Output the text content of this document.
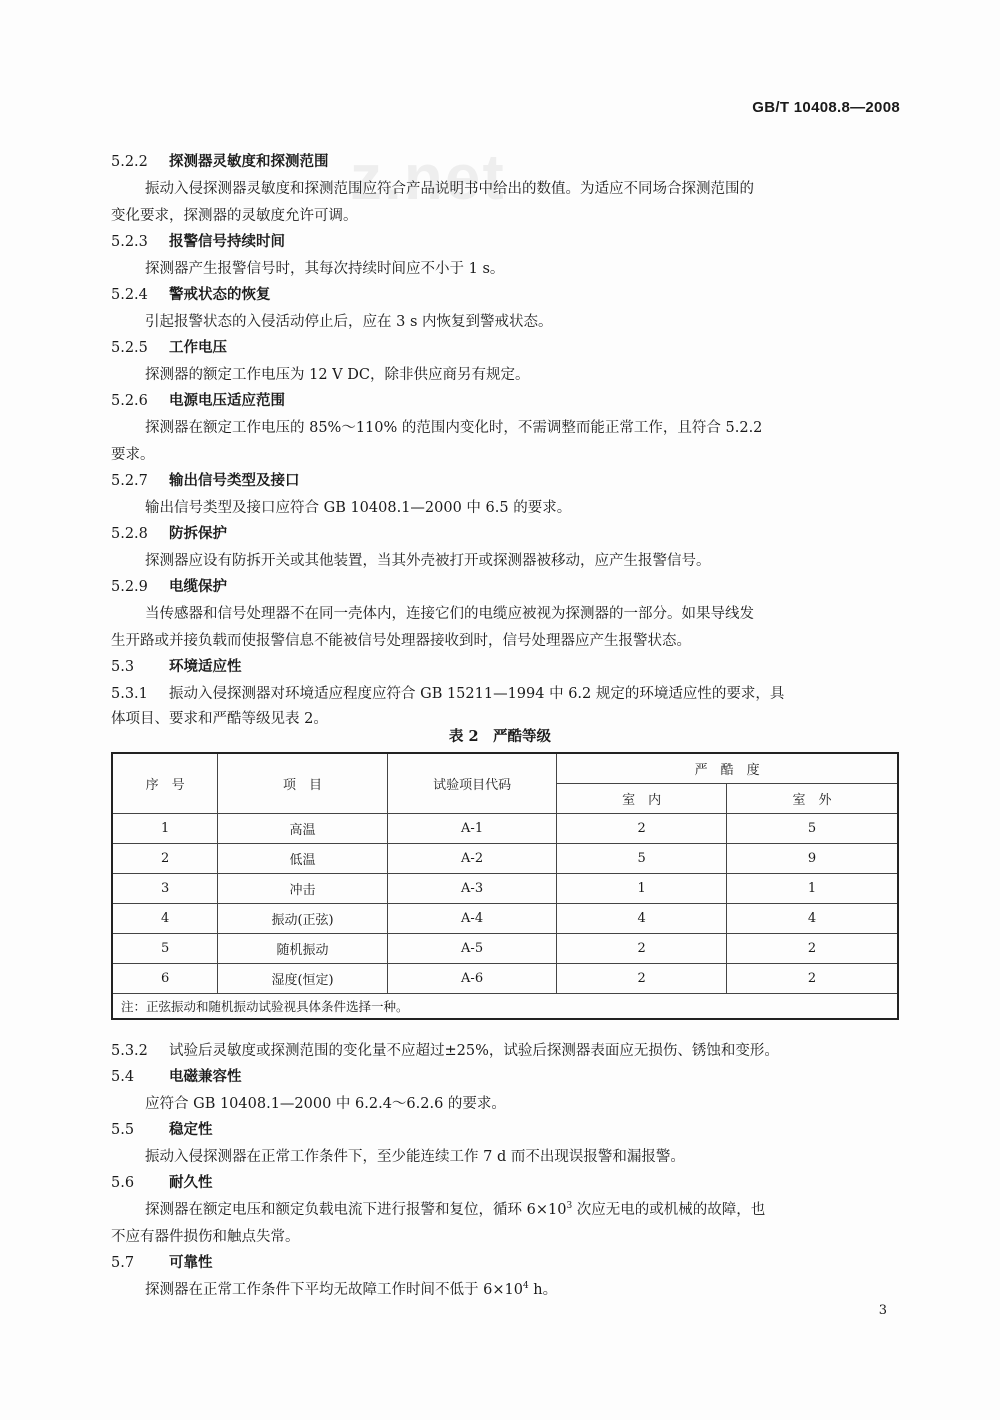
z.net
GB/T 10408.8—2008
5.2.2 探测器灵敏度和探测范围
振动入侵探测器灵敏度和探测范围应符合产品说明书中给出的数值。为适应不同场合探测范围的
变化要求，探测器的灵敏度允许可调。
5.2.3 报警信号持续时间
探测器产生报警信号时，其每次持续时间应不小于 1 s。
5.2.4 警戒状态的恢复
引起报警状态的入侵活动停止后，应在 3 s 内恢复到警戒状态。
5.2.5 工作电压
探测器的额定工作电压为 12 V DC，除非供应商另有规定。
5.2.6 电源电压适应范围
探测器在额定工作电压的 85%～110% 的范围内变化时，不需调整而能正常工作，且符合 5.2.2
要求。
5.2.7 输出信号类型及接口
输出信号类型及接口应符合 GB 10408.1—2000 中 6.5 的要求。
5.2.8 防拆保护
探测器应设有防拆开关或其他装置，当其外壳被打开或探测器被移动，应产生报警信号。
5.2.9 电缆保护
当传感器和信号处理器不在同一壳体内，连接它们的电缆应被视为探测器的一部分。如果导线发
生开路或并接负载而使报警信息不能被信号处理器接收到时，信号处理器应产生报警状态。
5.3 环境适应性
5.3.1 振动入侵探测器对环境适应程度应符合 GB 15211—1994 中 6.2 规定的环境适应性的要求，具
体项目、要求和严酷等级见表 2。
表 2　严酷等级
序　号	项　目	试验项目代码	严　酷　度	
			室　内	室　外
1	高温	A-1	2	5
2	低温	A-2	5	9
3	冲击	A-3	1	1
4	振动(正弦)	A-4	4	4
5	随机振动	A-5	2	2
6	湿度(恒定)	A-6	2	2
注：正弦振动和随机振动试验视具体条件选择一种。				
5.3.2 试验后灵敏度或探测范围的变化量不应超过±25%，试验后探测器表面应无损伤、锈蚀和变形。
5.4 电磁兼容性
应符合 GB 10408.1—2000 中 6.2.4～6.2.6 的要求。
5.5 稳定性
振动入侵探测器在正常工作条件下，至少能连续工作 7 d 而不出现误报警和漏报警。
5.6 耐久性
探测器在额定电压和额定负载电流下进行报警和复位，循环 $6\times 10^3$ 次应无电的或机械的故障，也
不应有器件损伤和触点失常。
5.7 可靠性
探测器在正常工作条件下平均无故障工作时间不低于 $6\times 10^4$ h。
3
